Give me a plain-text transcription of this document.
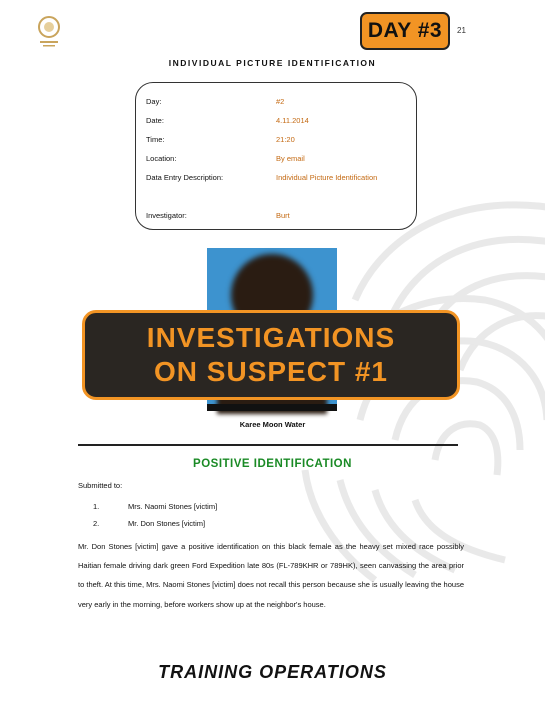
DAY #3	21
INDIVIDUAL PICTURE IDENTIFICATION
Day:	#2
Date:	4.11.2014
Time:	21:20
Location:	By email
Data Entry Description:	Individual Picture Identification
Investigator:	Burt
INVESTIGATIONS
ON SUSPECT #1
Karee Moon Water
POSITIVE IDENTIFICATION
Submitted to:
1.	Mrs. Naomi Stones [victim]
2.	Mr. Don Stones [victim]
Mr. Don Stones [victim] gave a positive identification on this black female as the heavy set mixed race possibly Haitian female driving dark green Ford Expedition late 80s (FL-789KHR or 789HK), seen canvassing the area prior to theft. At this time, Mrs. Naomi Stones [victim] does not recall this person because she is usually leaving the house very early in the morning, before workers show up at the neighbor's house.
TRAINING OPERATIONS
